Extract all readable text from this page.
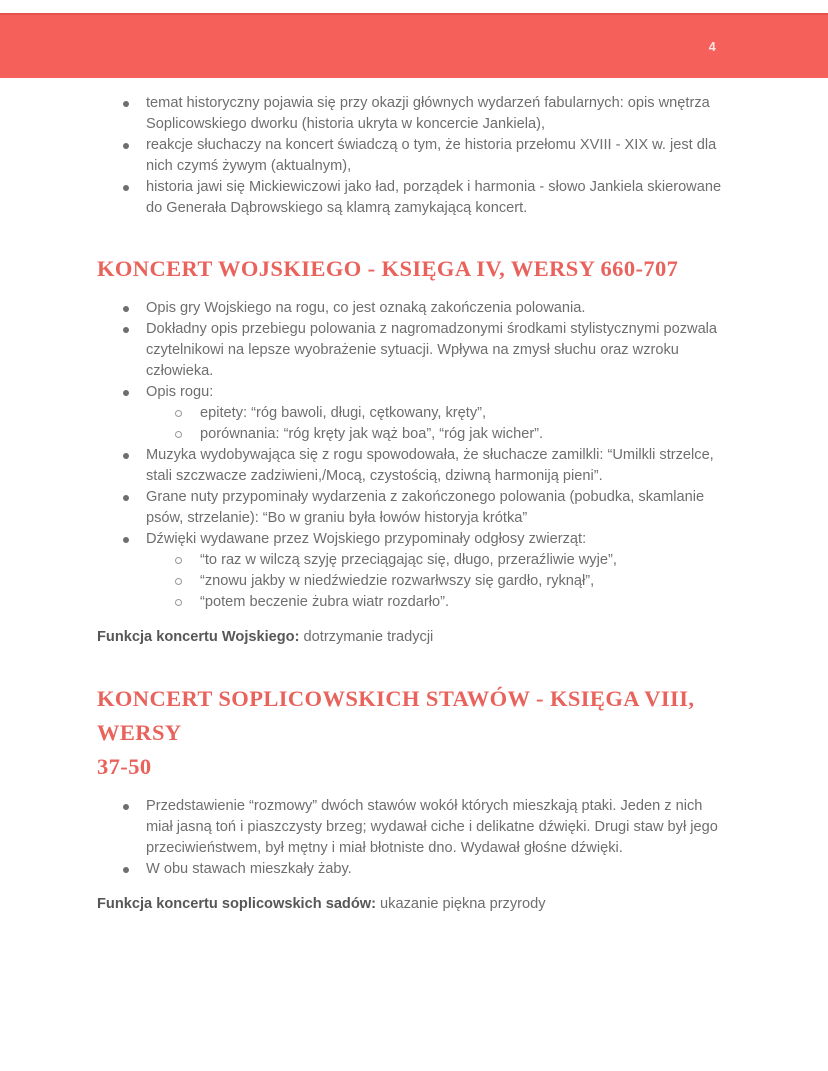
4
temat historyczny pojawia się przy okazji głównych wydarzeń fabularnych: opis wnętrza Soplicowskiego dworku (historia ukryta w koncercie Jankiela),
reakcje słuchaczy na koncert świadczą o tym, że historia przełomu XVIII - XIX w. jest dla nich czymś żywym (aktualnym),
historia jawi się Mickiewiczowi jako ład, porządek i harmonia - słowo Jankiela skierowane do Generała Dąbrowskiego są klamrą zamykającą koncert.
KONCERT WOJSKIEGO - KSIĘGA IV, WERSY 660-707
Opis gry Wojskiego na rogu, co jest oznaką zakończenia polowania.
Dokładny opis przebiegu polowania z nagromadzonymi środkami stylistycznymi pozwala czytelnikowi na lepsze wyobrażenie sytuacji. Wpływa na zmysł słuchu oraz wzroku człowieka.
Opis rogu:
epitety: “róg bawoli, długi, cętkowany, kręty”,
porównania: “róg kręty jak wąż boa”, “róg jak wicher”.
Muzyka wydobywająca się z rogu spowodowała, że słuchacze zamilkli: “Umilkli strzelce, stali szczwacze zadziwieni,/Mocą, czystością, dziwną harmoniją pieni”.
Grane nuty przypominały wydarzenia z zakończonego polowania (pobudka, skamlanie psów, strzelanie): “Bo w graniu była łowów historyja krótka”
Dźwięki wydawane przez Wojskiego przypominały odgłosy zwierząt:
“to raz w wilczą szyję przeciągając się, długo, przeraźliwie wyje”,
“znowu jakby w niedźwiedzie rozwarłwszy się gardło, ryknął”,
“potem beczenie żubra wiatr rozdarło”.

Funkcja koncertu Wojskiego: dotrzymanie tradycji

KONCERT SOPLICOWSKICH STAWÓW - KSIĘGA VIII, WERSY
37-50
Przedstawienie “rozmowy” dwóch stawów wokół których mieszkają ptaki. Jeden z nich miał jasną toń i piaszczysty brzeg; wydawał ciche i delikatne dźwięki. Drugi staw był jego przeciwieństwem, był mętny i miał błotniste dno. Wydawał głośne dźwięki.
W obu stawach mieszkały żaby.

Funkcja koncertu soplicowskich sadów: ukazanie piękna przyrody
